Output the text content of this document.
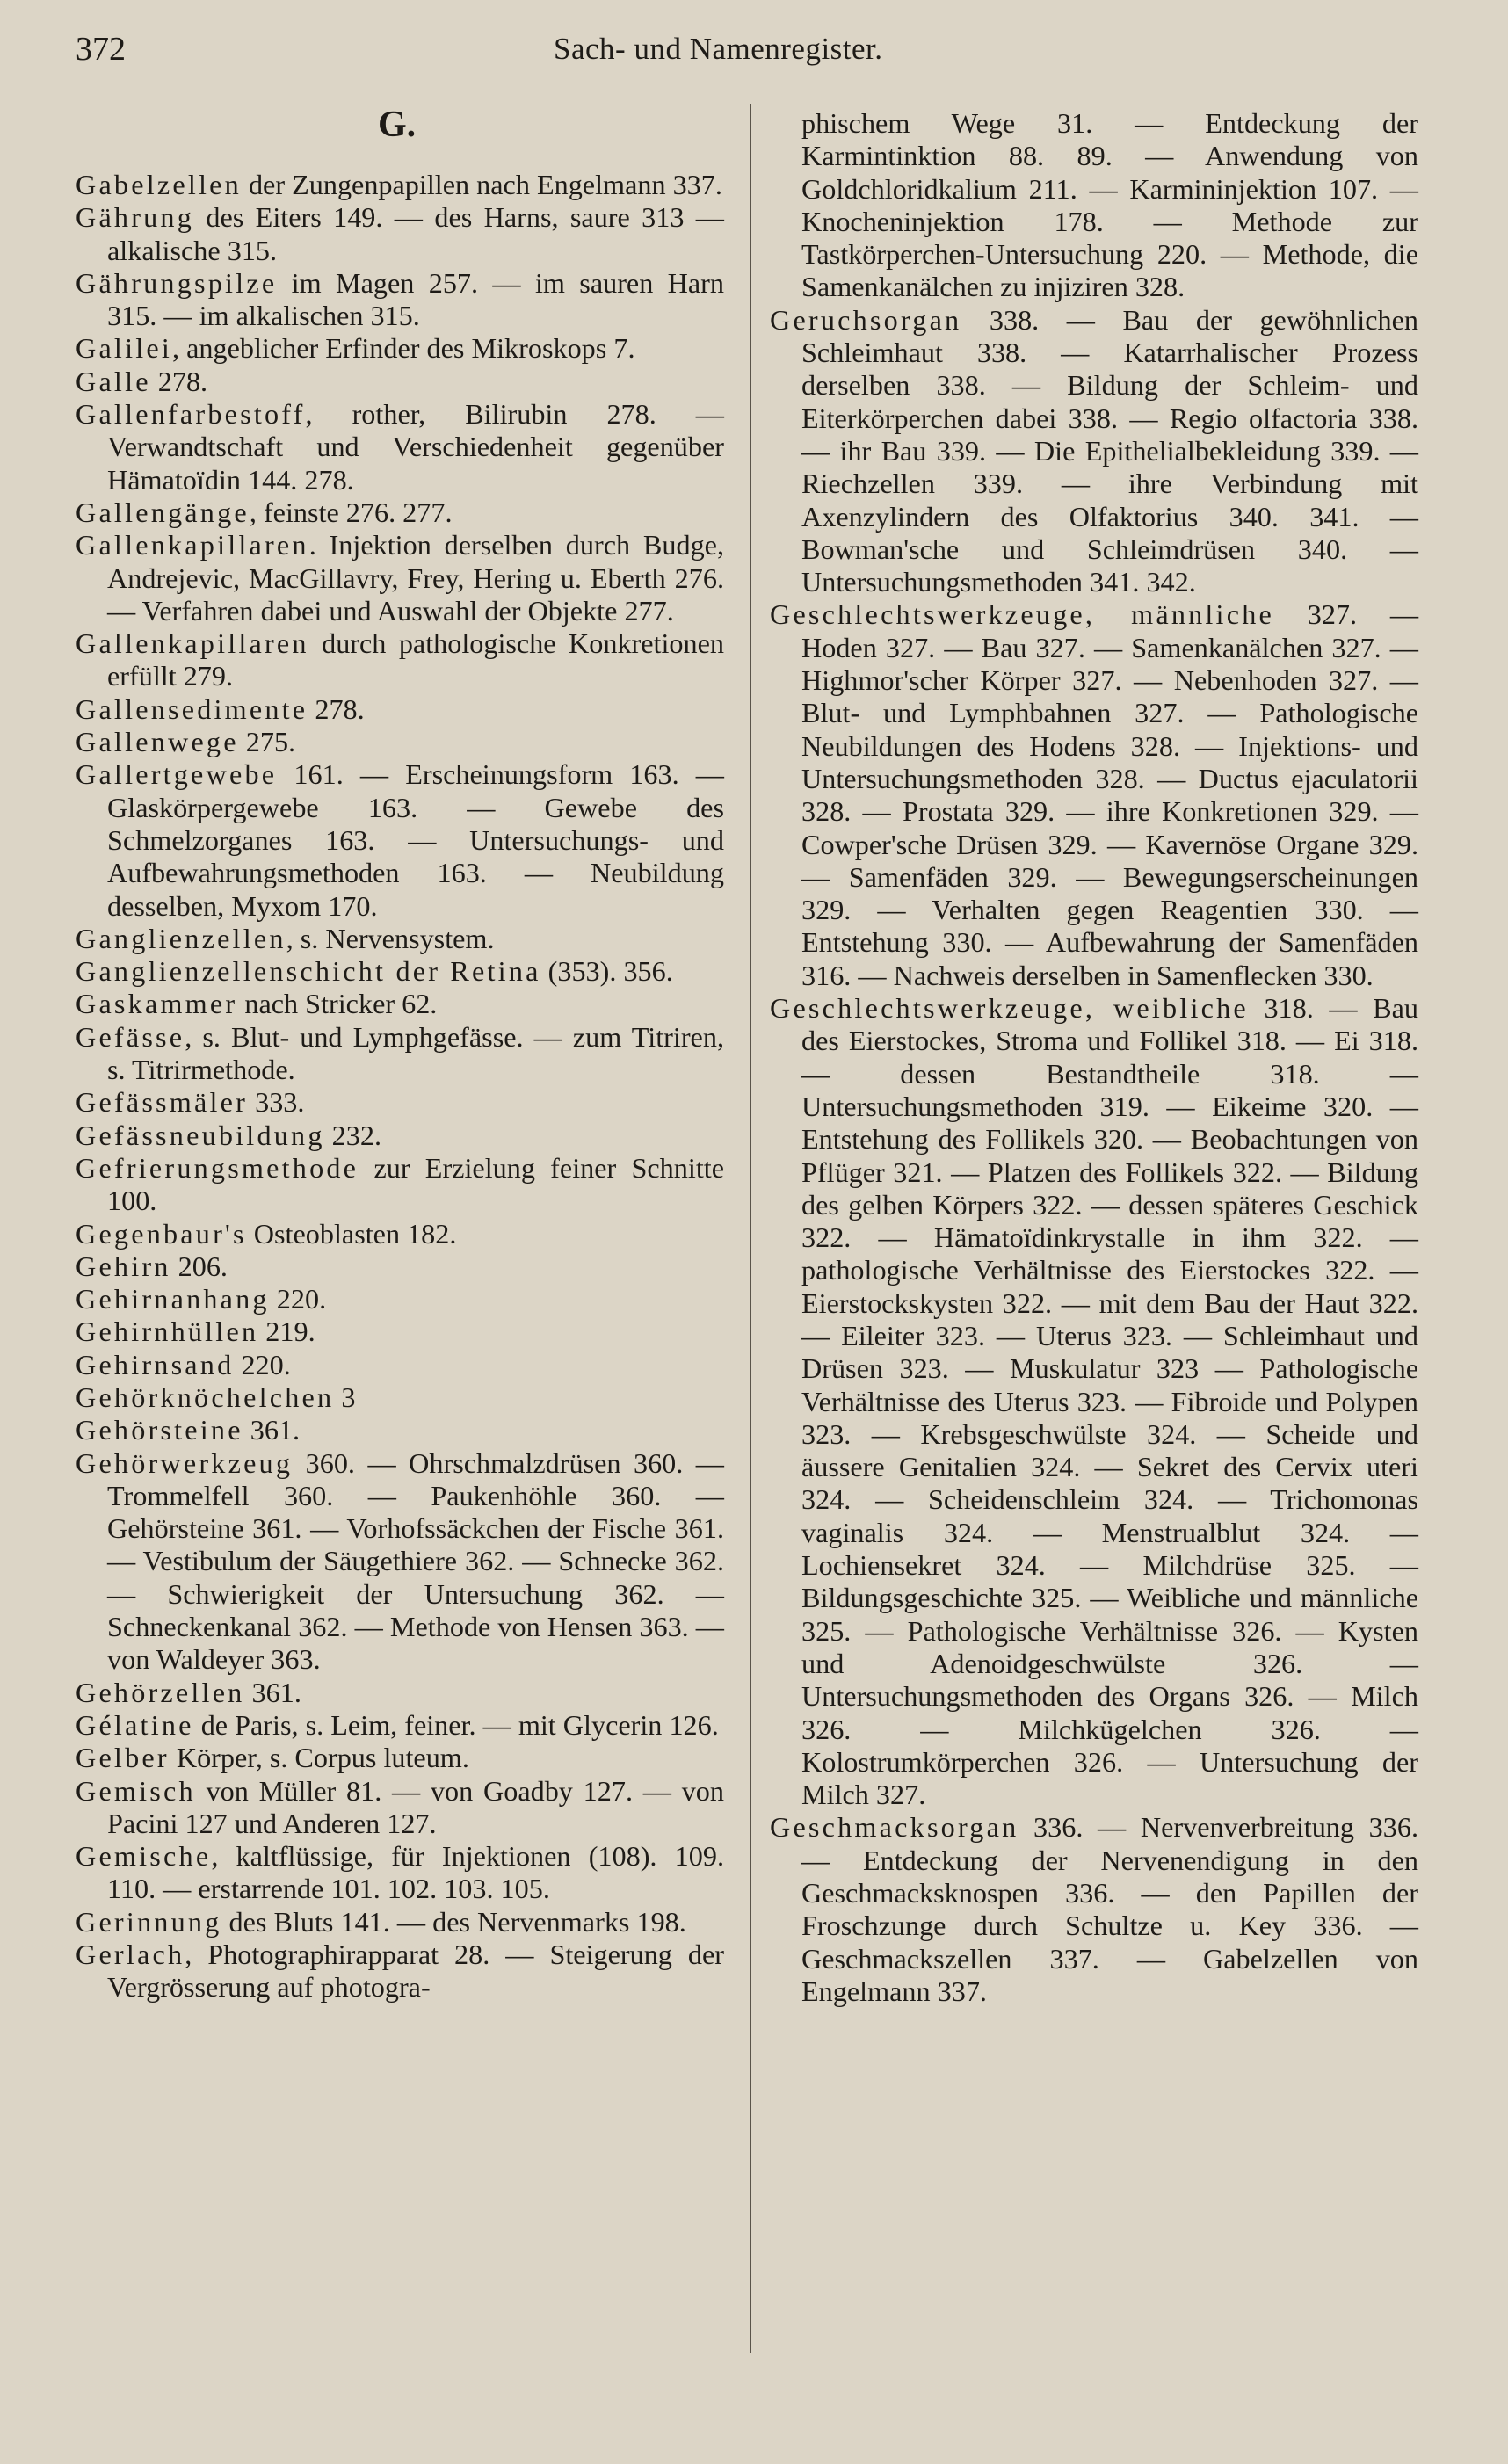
372	Sach- und Namenregister.
G.
Gabelzellen der Zungenpapillen nach Engelmann 337.
Gährung des Eiters 149. — des Harns, saure 313 — alkalische 315.
Gährungspilze im Magen 257. — im sauren Harn 315. — im alkalischen 315.
Galilei, angeblicher Erfinder des Mikroskops 7.
Galle 278.
Gallenfarbestoff, rother, Bilirubin 278. — Verwandtschaft und Verschiedenheit gegenüber Hämatoïdin 144. 278.
Gallengänge, feinste 276. 277.
Gallenkapillaren. Injektion derselben durch Budge, Andrejevic, MacGillavry, Frey, Hering u. Eberth 276. — Verfahren dabei und Auswahl der Objekte 277.
Gallenkapillaren durch pathologische Konkretionen erfüllt 279.
Gallensedimente 278.
Gallenwege 275.
Gallertgewebe 161. — Erscheinungsform 163. — Glaskörpergewebe 163. — Gewebe des Schmelzorganes 163. — Untersuchungs- und Aufbewahrungsmethoden 163. — Neubildung desselben, Myxom 170.
Ganglienzellen, s. Nervensystem.
Ganglienzellenschicht der Retina (353). 356.
Gaskammer nach Stricker 62.
Gefässe, s. Blut- und Lymphgefässe. — zum Titriren, s. Titrirmethode.
Gefässmäler 333.
Gefässneubildung 232.
Gefrierungsmethode zur Erzielung feiner Schnitte 100.
Gegenbaur's Osteoblasten 182.
Gehirn 206.
Gehirnanhang 220.
Gehirnhüllen 219.
Gehirnsand 220.
Gehörknöchelchen 3
Gehörsteine 361.
Gehörwerkzeug 360. — Ohrschmalzdrüsen 360. — Trommelfell 360. — Paukenhöhle 360. — Gehörsteine 361. — Vorhofssäckchen der Fische 361. — Vestibulum der Säugethiere 362. — Schnecke 362. — Schwierigkeit der Untersuchung 362. — Schneckenkanal 362. — Methode von Hensen 363. — von Waldeyer 363.
Gehörzellen 361.
Gélatine de Paris, s. Leim, feiner. — mit Glycerin 126.
Gelber Körper, s. Corpus luteum.
Gemisch von Müller 81. — von Goadby 127. — von Pacini 127 und Anderen 127.
Gemische, kaltflüssige, für Injektionen (108). 109. 110. — erstarrende 101. 102. 103. 105.
Gerinnung des Bluts 141. — des Nervenmarks 198.
Gerlach, Photographirapparat 28. — Steigerung der Vergrösserung auf photogra-
phischem Wege 31. — Entdeckung der Karmintinktion 88. 89. — Anwendung von Goldchloridkalium 211. — Karmininjektion 107. — Knocheninjektion 178. — Methode zur Tastkörperchen-Untersuchung 220. — Methode, die Samenkanälchen zu injiziren 328.
Geruchsorgan 338. — Bau der gewöhnlichen Schleimhaut 338. — Katarrhalischer Prozess derselben 338. — Bildung der Schleim- und Eiterkörperchen dabei 338. — Regio olfactoria 338. — ihr Bau 339. — Die Epithelialbekleidung 339. — Riechzellen 339. — ihre Verbindung mit Axenzylindern des Olfaktorius 340. 341. — Bowman'sche und Schleimdrüsen 340. — Untersuchungsmethoden 341. 342.
Geschlechtswerkzeuge, männliche 327. — Hoden 327. — Bau 327. — Samenkanälchen 327. — Highmor'scher Körper 327. — Nebenhoden 327. — Blut- und Lymphbahnen 327. — Pathologische Neubildungen des Hodens 328. — Injektions- und Untersuchungsmethoden 328. — Ductus ejaculatorii 328. — Prostata 329. — ihre Konkretionen 329. — Cowper'sche Drüsen 329. — Kavernöse Organe 329. — Samenfäden 329. — Bewegungserscheinungen 329. — Verhalten gegen Reagentien 330. — Entstehung 330. — Aufbewahrung der Samenfäden 316. — Nachweis derselben in Samenflecken 330.
Geschlechtswerkzeuge, weibliche 318. — Bau des Eierstockes, Stroma und Follikel 318. — Ei 318. — dessen Bestandtheile 318. — Untersuchungsmethoden 319. — Eikeime 320. — Entstehung des Follikels 320. — Beobachtungen von Pflüger 321. — Platzen des Follikels 322. — Bildung des gelben Körpers 322. — dessen späteres Geschick 322. — Hämatoïdinkrystalle in ihm 322. — pathologische Verhältnisse des Eierstockes 322. — Eierstockskysten 322. — mit dem Bau der Haut 322. — Eileiter 323. — Uterus 323. — Schleimhaut und Drüsen 323. — Muskulatur 323 — Pathologische Verhältnisse des Uterus 323. — Fibroide und Polypen 323. — Krebsgeschwülste 324. — Scheide und äussere Genitalien 324. — Sekret des Cervix uteri 324. — Scheidenschleim 324. — Trichomonas vaginalis 324. — Menstrualblut 324. — Lochiensekret 324. — Milchdrüse 325. — Bildungsgeschichte 325. — Weibliche und männliche 325. — Pathologische Verhältnisse 326. — Kysten und Adenoidgeschwülste 326. — Untersuchungsmethoden des Organs 326. — Milch 326. — Milchkügelchen 326. — Kolostrumkörperchen 326. — Untersuchung der Milch 327.
Geschmacksorgan 336. — Nervenverbreitung 336. — Entdeckung der Nervenendigung in den Geschmacksknospen 336. — den Papillen der Froschzunge durch Schultze u. Key 336. — Geschmackszellen 337. — Gabelzellen von Engelmann 337.
